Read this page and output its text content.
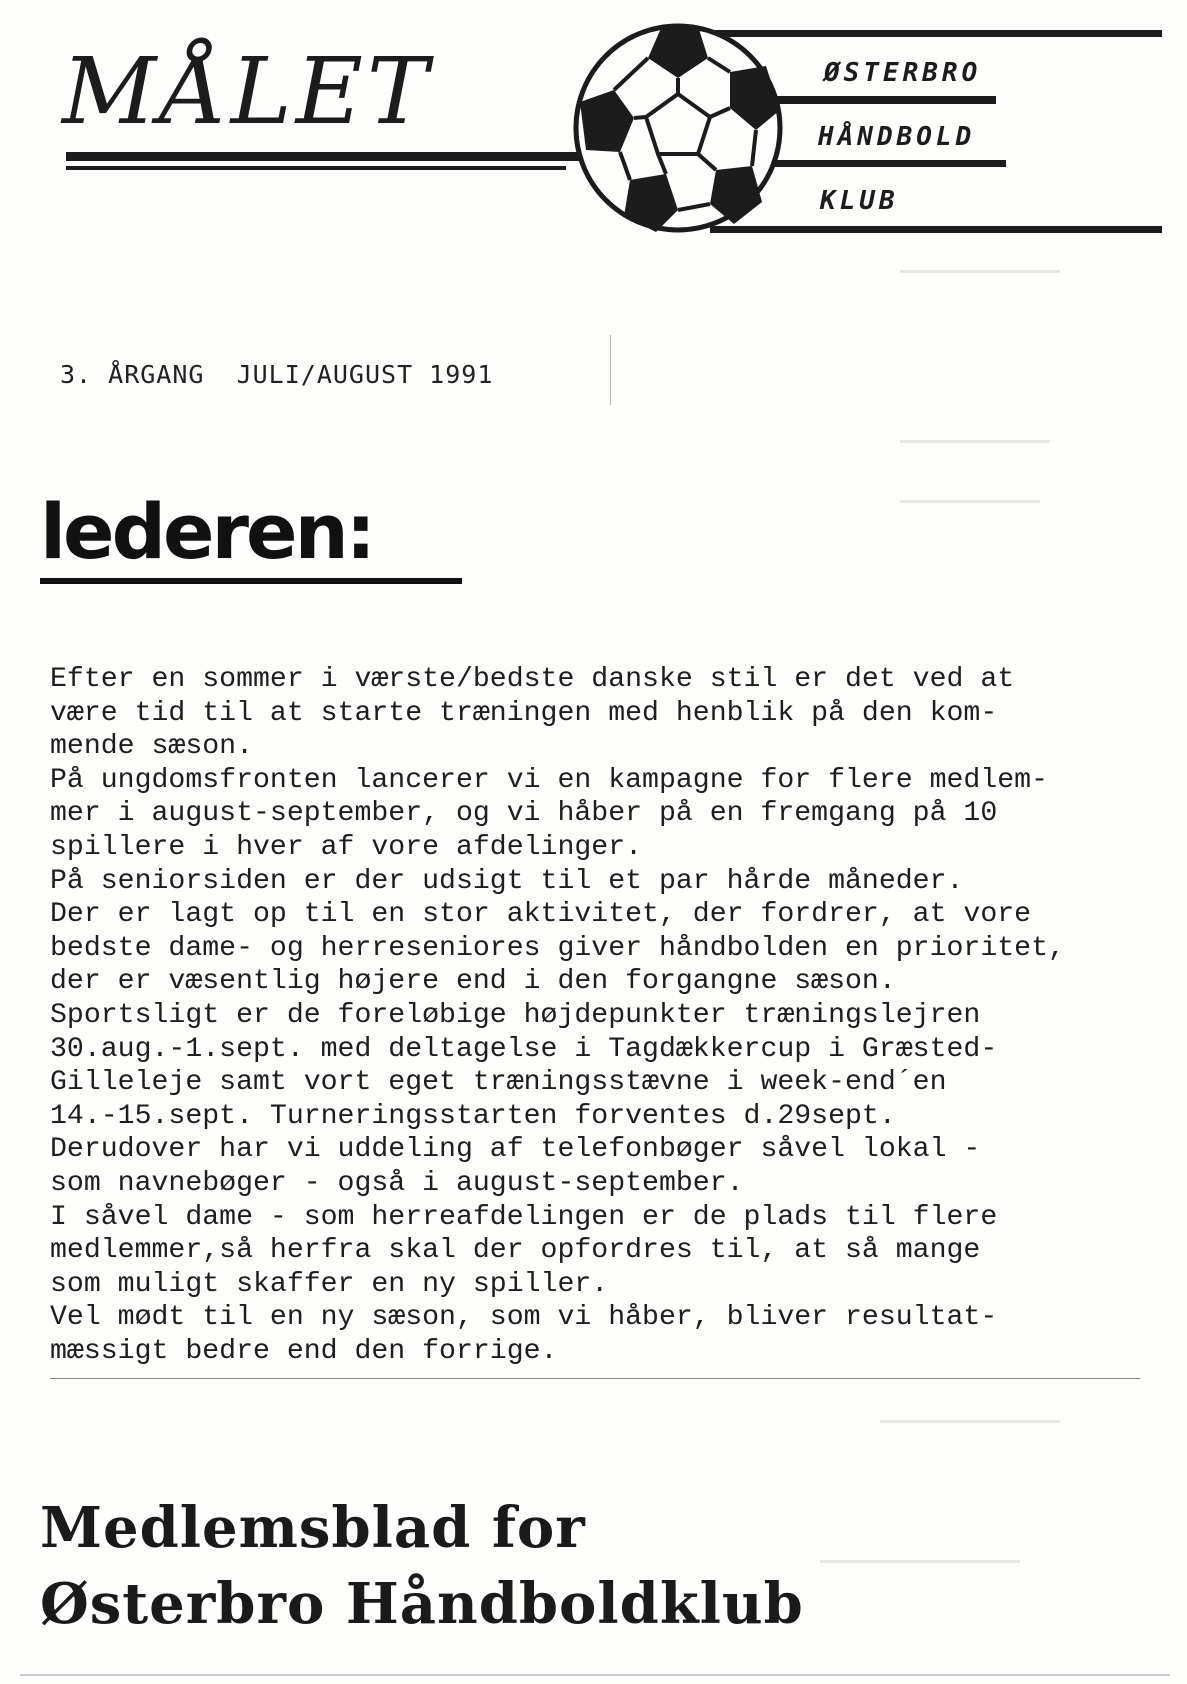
MÅLET	ØSTERBRO
HÅNDBOLD
KLUB
3. ÅRGANG  JULI/AUGUST 1991
lederen:
Efter en sommer i værste/bedste danske stil er det ved at
være tid til at starte træningen med henblik på den kom-
mende sæson.
På ungdomsfronten lancerer vi en kampagne for flere medlem-
mer i august-september, og vi håber på en fremgang på 10
spillere i hver af vore afdelinger.
På seniorsiden er der udsigt til et par hårde måneder.
Der er lagt op til en stor aktivitet, der fordrer, at vore
bedste dame- og herreseniores giver håndbolden en prioritet,
der er væsentlig højere end i den forgangne sæson.
Sportsligt er de foreløbige højdepunkter træningslejren
30.aug.-1.sept. med deltagelse i Tagdækkercup i Græsted-
Gilleleje samt vort eget træningsstævne i week-end´en
14.-15.sept. Turneringsstarten forventes d.29sept.
Derudover har vi uddeling af telefonbøger såvel lokal -
som navnebøger - også i august-september.
I såvel dame - som herreafdelingen er de plads til flere
medlemmer,så herfra skal der opfordres til, at så mange
som muligt skaffer en ny spiller.
Vel mødt til en ny sæson, som vi håber, bliver resultat-
mæssigt bedre end den forrige.
Medlemsblad for
Østerbro Håndboldklub
